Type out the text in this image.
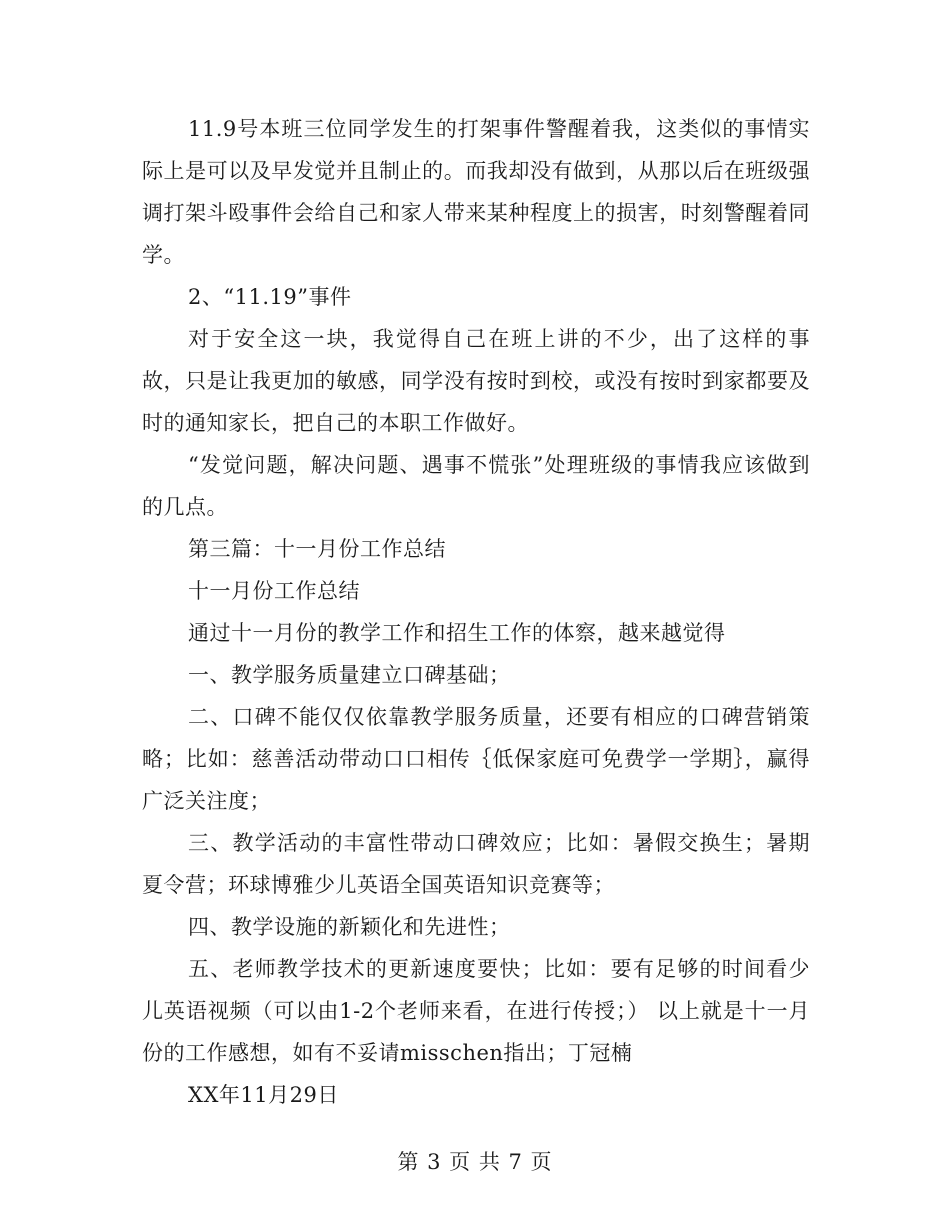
11.9号本班三位同学发生的打架事件警醒着我，这类似的事情实际上是可以及早发觉并且制止的。而我却没有做到，从那以后在班级强调打架斗殴事件会给自己和家人带来某种程度上的损害，时刻警醒着同学。

2、“11.19”事件

对于安全这一块，我觉得自己在班上讲的不少，出了这样的事故，只是让我更加的敏感，同学没有按时到校，或没有按时到家都要及时的通知家长，把自己的本职工作做好。

“发觉问题，解决问题、遇事不慌张”处理班级的事情我应该做到的几点。

第三篇：十一月份工作总结

十一月份工作总结

通过十一月份的教学工作和招生工作的体察，越来越觉得

一、教学服务质量建立口碑基础；

二、口碑不能仅仅依靠教学服务质量，还要有相应的口碑营销策略；比如：慈善活动带动口口相传｛低保家庭可免费学一学期｝，赢得广泛关注度；

三、教学活动的丰富性带动口碑效应；比如：暑假交换生；暑期夏令营；环球博雅少儿英语全国英语知识竞赛等；

四、教学设施的新颖化和先进性；

五、老师教学技术的更新速度要快；比如：要有足够的时间看少儿英语视频（可以由1-2个老师来看，在进行传授；） 以上就是十一月份的工作感想，如有不妥请misschen指出；丁冠楠

XX年11月29日

第 3 页 共 7 页
